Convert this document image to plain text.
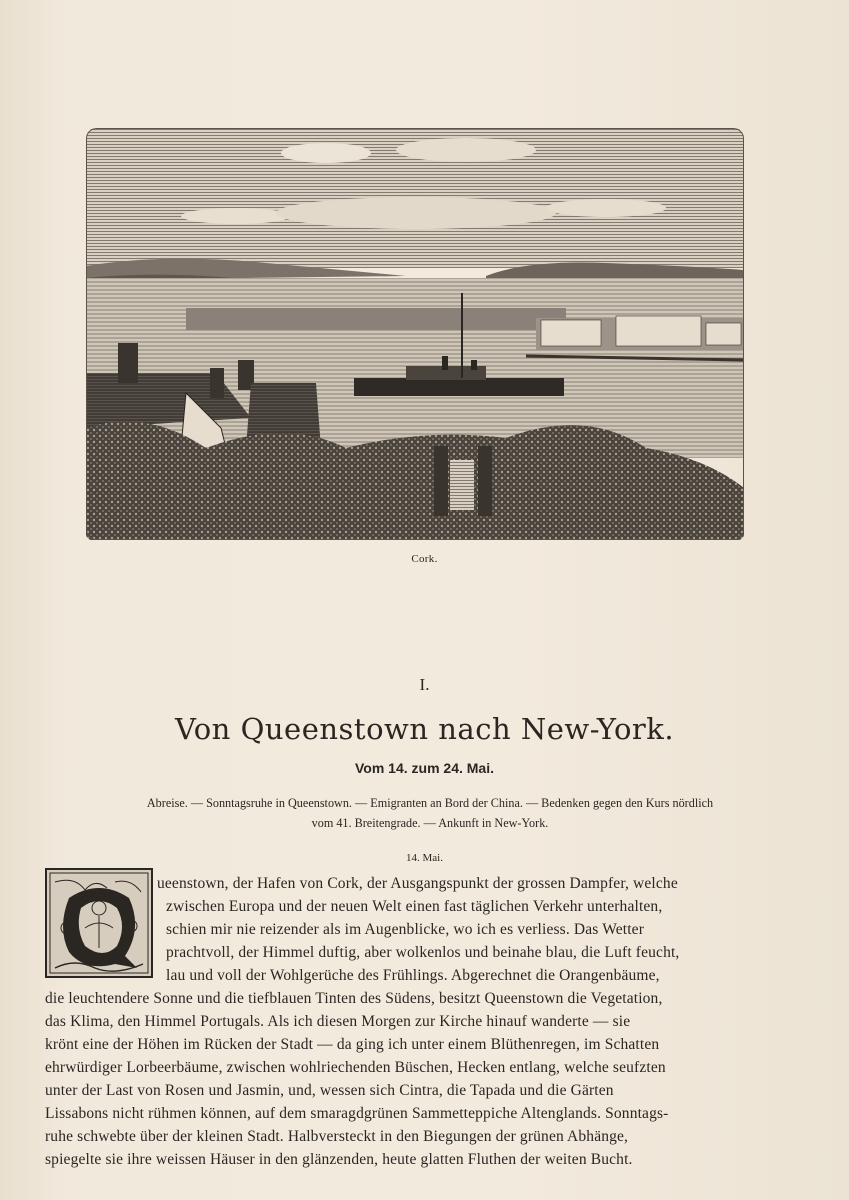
Cork.
I.
Von Queenstown nach New-York.
Vom 14. zum 24. Mai.
Abreise. — Sonntagsruhe in Queenstown. — Emigranten an Bord der China. — Bedenken gegen den Kurs nördlich
vom 41. Breitengrade. — Ankunft in New-York.
14. Mai.
ueenstown, der Hafen von Cork, der Ausgangspunkt der grossen Dampfer, welche
zwischen Europa und der neuen Welt einen fast täglichen Verkehr unterhalten,
schien mir nie reizender als im Augenblicke, wo ich es verliess. Das Wetter
prachtvoll, der Himmel duftig, aber wolkenlos und beinahe blau, die Luft feucht,
lau und voll der Wohlgerüche des Frühlings. Abgerechnet die Orangenbäume,
die leuchtendere Sonne und die tiefblauen Tinten des Südens, besitzt Queenstown die Vegetation,
das Klima, den Himmel Portugals. Als ich diesen Morgen zur Kirche hinauf wanderte — sie
krönt eine der Höhen im Rücken der Stadt — da ging ich unter einem Blüthenregen, im Schatten
ehrwürdiger Lorbeerbäume, zwischen wohlriechenden Büschen, Hecken entlang, welche seufzten
unter der Last von Rosen und Jasmin, und, wessen sich Cintra, die Tapada und die Gärten
Lissabons nicht rühmen können, auf dem smaragdgrünen Sammetteppiche Altenglands. Sonntags-
ruhe schwebte über der kleinen Stadt. Halbversteckt in den Biegungen der grünen Abhänge,
spiegelte sie ihre weissen Häuser in den glänzenden, heute glatten Fluthen der weiten Bucht.
